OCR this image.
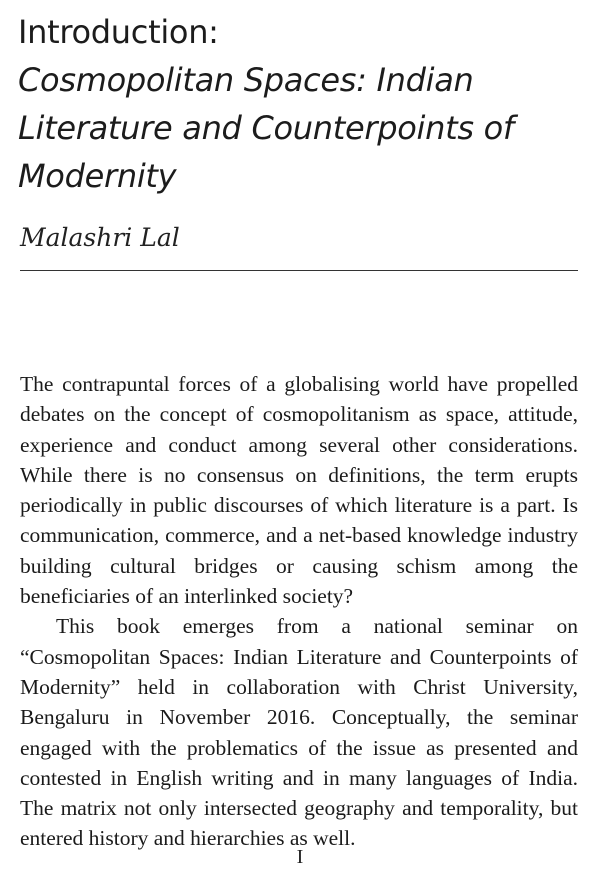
Introduction:
Cosmopolitan Spaces: Indian Literature and Counterpoints of Modernity
Malashri Lal

The contrapuntal forces of a globalising world have propelled debates on the concept of cosmopolitanism as space, attitude, experience and conduct among several other considerations. While there is no consensus on definitions, the term erupts periodically in public discourses of which literature is a part. Is communication, commerce, and a net-based knowledge industry building cultural bridges or causing schism among the beneficiaries of an interlinked society?

This book emerges from a national seminar on “Cosmopolitan Spaces: Indian Literature and Counterpoints of Modernity” held in collaboration with Christ University, Bengaluru in November 2016. Conceptually, the seminar engaged with the problematics of the issue as presented and contested in English writing and in many languages of India. The matrix not only intersected geography and temporality, but entered history and hierarchies as well.

I
